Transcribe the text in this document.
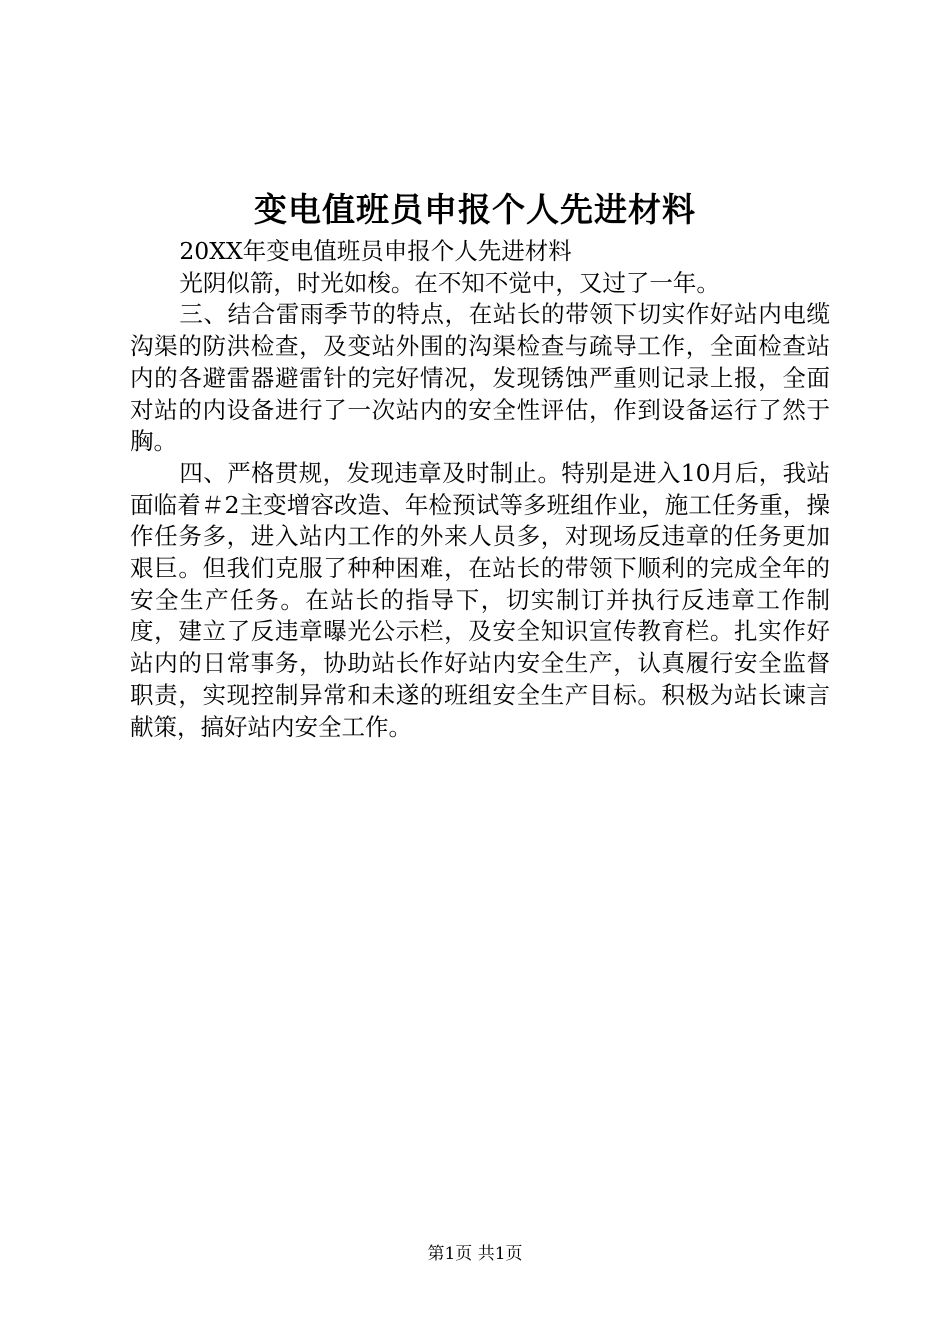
变电值班员申报个人先进材料

20XX年变电值班员申报个人先进材料

光阴似箭，时光如梭。在不知不觉中，又过了一年。

三、结合雷雨季节的特点，在站长的带领下切实作好站内电缆沟渠的防洪检查，及变站外围的沟渠检查与疏导工作，全面检查站内的各避雷器避雷针的完好情况，发现锈蚀严重则记录上报，全面对站的内设备进行了一次站内的安全性评估，作到设备运行了然于胸。

四、严格贯规，发现违章及时制止。特别是进入10月后，我站面临着＃2主变增容改造、年检预试等多班组作业，施工任务重，操作任务多，进入站内工作的外来人员多，对现场反违章的任务更加艰巨。但我们克服了种种困难，在站长的带领下顺利的完成全年的安全生产任务。在站长的指导下，切实制订并执行反违章工作制度，建立了反违章曝光公示栏，及安全知识宣传教育栏。扎实作好站内的日常事务，协助站长作好站内安全生产，认真履行安全监督职责，实现控制异常和未遂的班组安全生产目标。积极为站长谏言献策，搞好站内安全工作。

第1页 共1页
